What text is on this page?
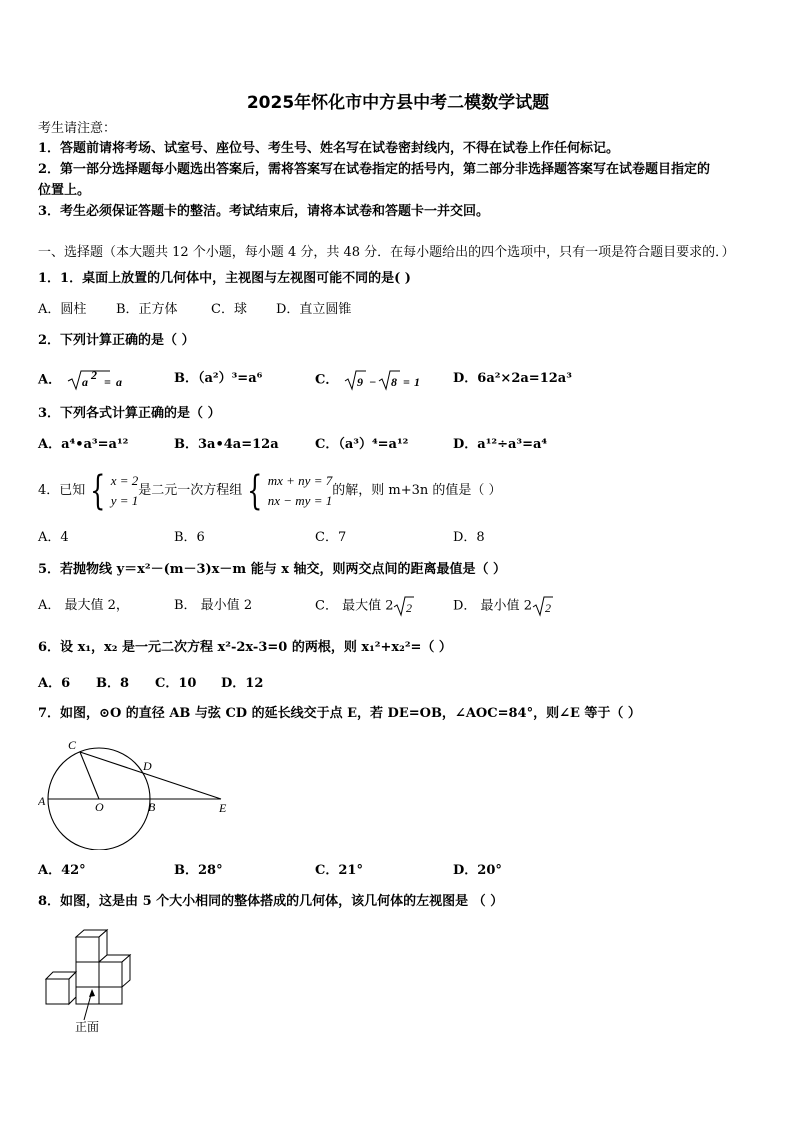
2025年怀化市中方县中考二模数学试题
考生请注意：
1．答题前请将考场、试室号、座位号、考生号、姓名写在试卷密封线内，不得在试卷上作任何标记。
2．第一部分选择题每小题选出答案后，需将答案写在试卷指定的括号内，第二部分非选择题答案写在试卷题目指定的
位置上。
3．考生必须保证答题卡的整洁。考试结束后，请将本试卷和答题卡一并交回。
一、选择题（本大题共 12 个小题，每小题 4 分，共 48 分．在每小题给出的四个选项中，只有一项是符合题目要求的．）
1．1．桌面上放置的几何体中，主视图与左视图可能不同的是( )
A．圆柱 B．正方体	C．球 D．直立圆锥
2．下列计算正确的是（ ）
A． a 2 = a	B．（a²）³=a⁶	C． 9 − 8 = 1	D．6a²×2a=12a³
3．下列各式计算正确的是（ ）
A．a⁴•a³=a¹²	B．3a•4a=12a	C．（a³）⁴=a¹²	D．a¹²÷a³=a⁴
4．已知 { x = 2
y = 1
是二元一次方程组 { mx + ny = 7
nx − my = 1
的解，则 m+3n 的值是（ ）
A．4	B．6	C．7	D．8
5．若抛物线 y＝x²－(m－3)x－m 能与 x 轴交，则两交点间的距离最值是（ ）
A． 最大值 2，	B． 最小值 2	C． 最大值 2 2	D． 最小值 2 2
6．设 x₁，x₂ 是一元二次方程 x²-2x-3=0 的两根，则 x₁²+x₂²=（ ）
A．6 B．8 C．10 D．12
7．如图，⊙O 的直径 AB 与弦 CD 的延长线交于点 E，若 DE=OB，∠AOC=84°，则∠E 等于（ ）
A	O	B
C
D
E
A．42°	B．28°	C．21°	D．20°
8．如图，这是由 5 个大小相同的整体搭成的几何体，该几何体的左视图是 （ ）
正面
